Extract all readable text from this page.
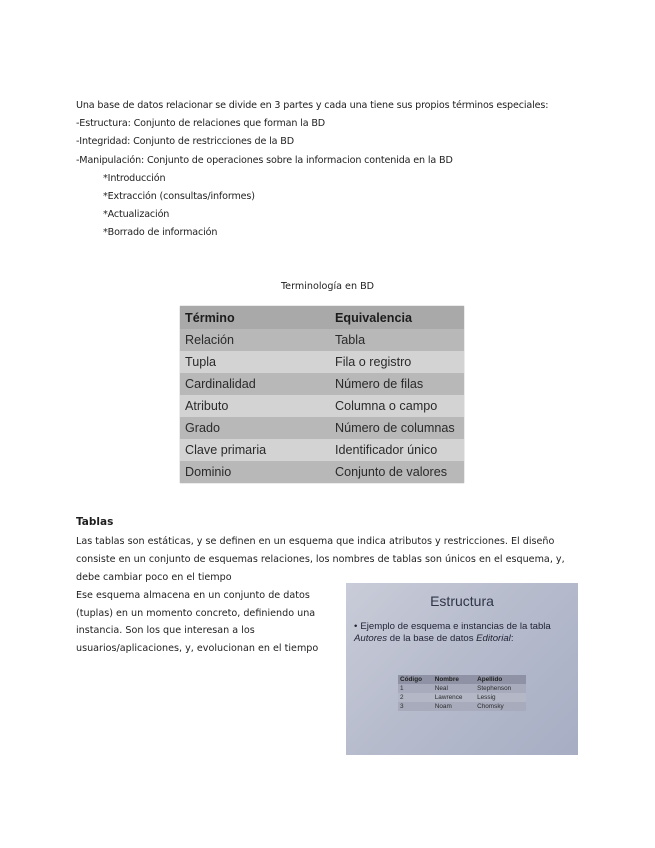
Una base de datos relacionar se divide en 3 partes y cada una tiene sus propios términos especiales:
-Estructura: Conjunto de relaciones que forman la BD
-Integridad: Conjunto de restricciones de la BD
-Manipulación: Conjunto de operaciones sobre la informacion contenida en la BD
*Introducción
*Extracción (consultas/informes)
*Actualización
*Borrado de información
Terminología en BD
Término	Equivalencia
Relación	Tabla
Tupla	Fila o registro
Cardinalidad	Número de filas
Atributo	Columna o campo
Grado	Número de columnas
Clave primaria	Identificador único
Dominio	Conjunto de valores
Tablas
Las tablas son estáticas, y se definen en un esquema que indica atributos y restricciones. El diseño consiste en un conjunto de esquemas relaciones, los nombres de tablas son únicos en el esquema, y, debe cambiar poco en el tiempo
Ese esquema almacena en un conjunto de datos (tuplas) en un momento concreto, definiendo una instancia. Son los que interesan a los usuarios/aplicaciones, y, evolucionan en el tiempo
Estructura
• Ejemplo de esquema e instancias de la tabla Autores de la base de datos Editorial:
Código	Nombre	Apellido
1	Neal	Stephenson
2	Lawrence	Lessig
3	Noam	Chomsky
